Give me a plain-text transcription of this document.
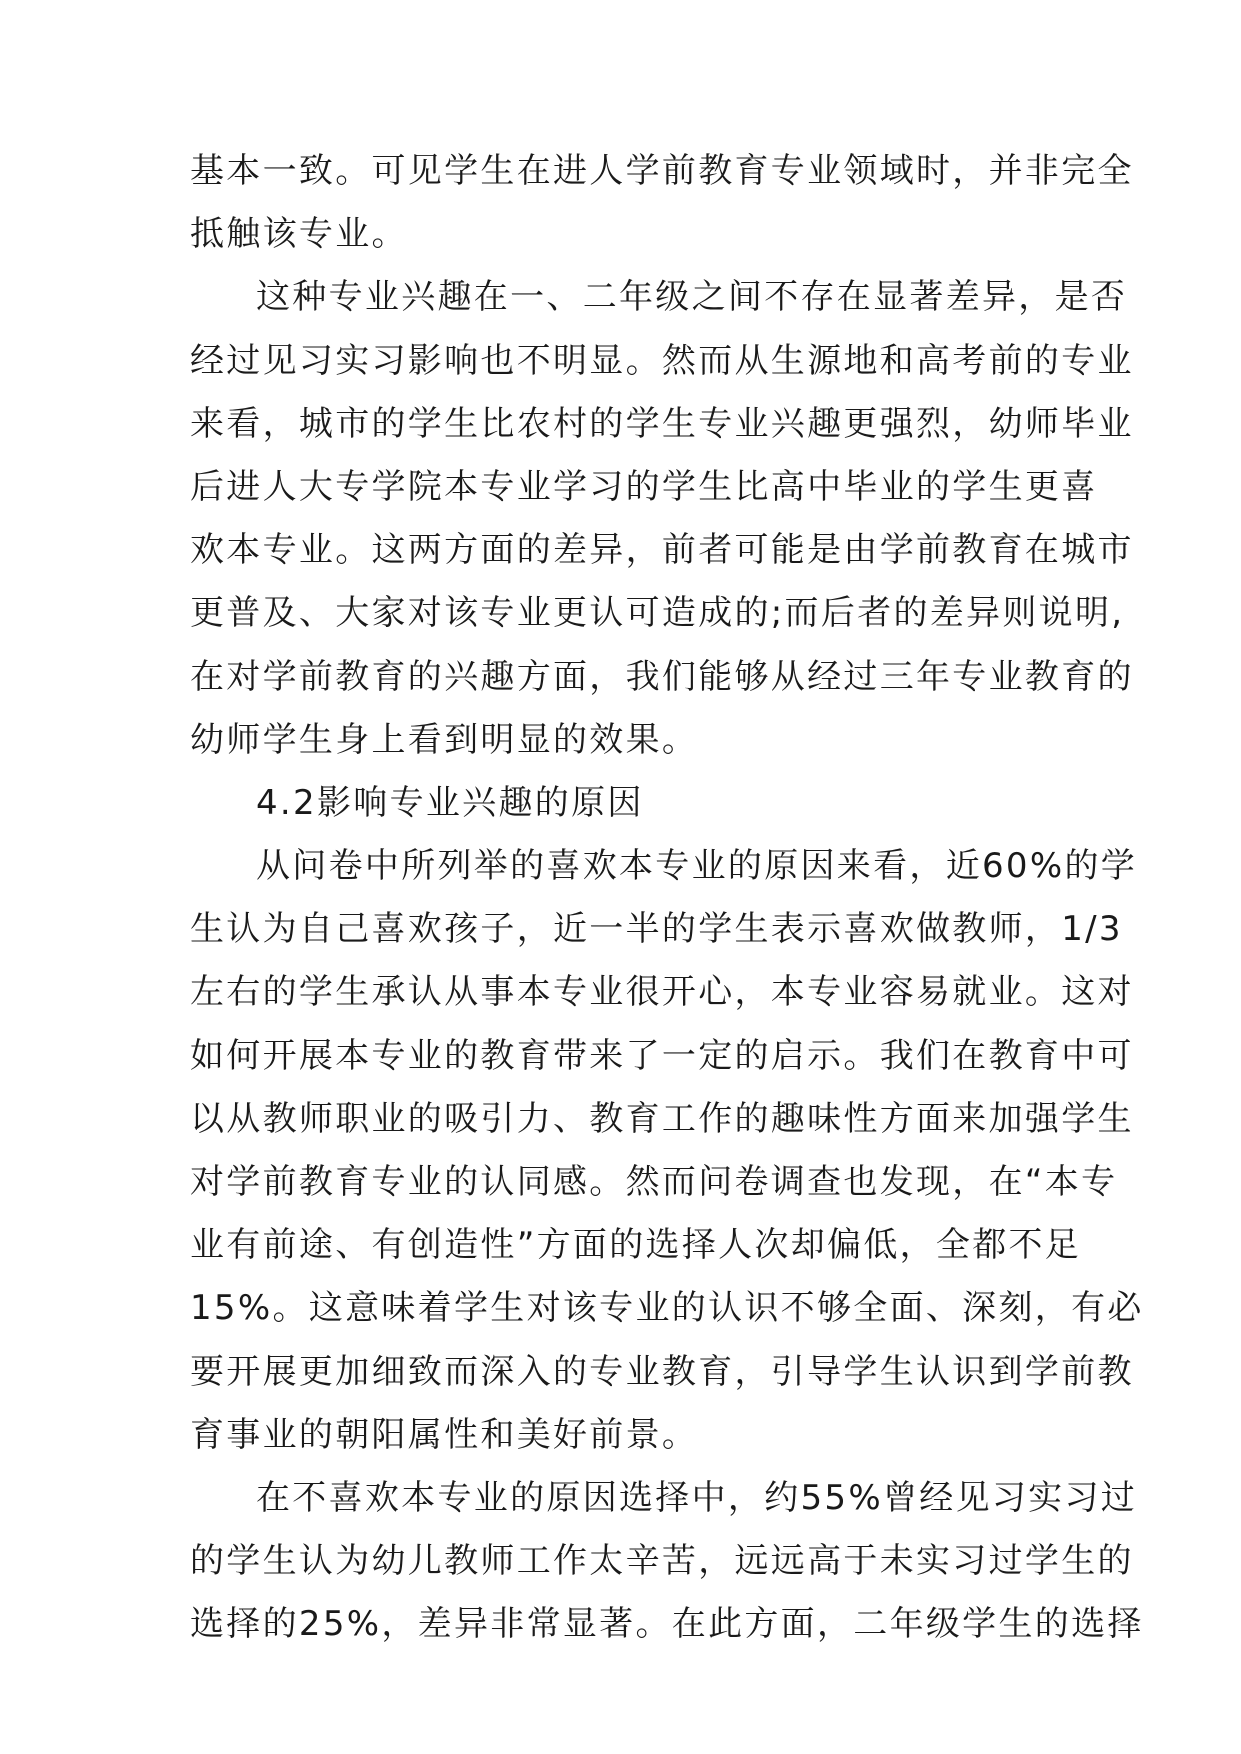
基本一致。可见学生在进人学前教育专业领域时，并非完全
抵触该专业。
这种专业兴趣在一、二年级之间不存在显著差异，是否
经过见习实习影响也不明显。然而从生源地和高考前的专业
来看，城市的学生比农村的学生专业兴趣更强烈，幼师毕业
后进人大专学院本专业学习的学生比高中毕业的学生更喜
欢本专业。这两方面的差异，前者可能是由学前教育在城市
更普及、大家对该专业更认可造成的;而后者的差异则说明,
在对学前教育的兴趣方面，我们能够从经过三年专业教育的
幼师学生身上看到明显的效果。
4.2影响专业兴趣的原因
从问卷中所列举的喜欢本专业的原因来看，近60%的学
生认为自己喜欢孩子，近一半的学生表示喜欢做教师，1/3
左右的学生承认从事本专业很开心，本专业容易就业。这对
如何开展本专业的教育带来了一定的启示。我们在教育中可
以从教师职业的吸引力、教育工作的趣味性方面来加强学生
对学前教育专业的认同感。然而问卷调查也发现，在“本专
业有前途、有创造性”方面的选择人次却偏低，全都不足
15%。这意味着学生对该专业的认识不够全面、深刻，有必
要开展更加细致而深入的专业教育，引导学生认识到学前教
育事业的朝阳属性和美好前景。
在不喜欢本专业的原因选择中，约55%曾经见习实习过
的学生认为幼儿教师工作太辛苦，远远高于未实习过学生的
选择的25%，差异非常显著。在此方面，二年级学生的选择
